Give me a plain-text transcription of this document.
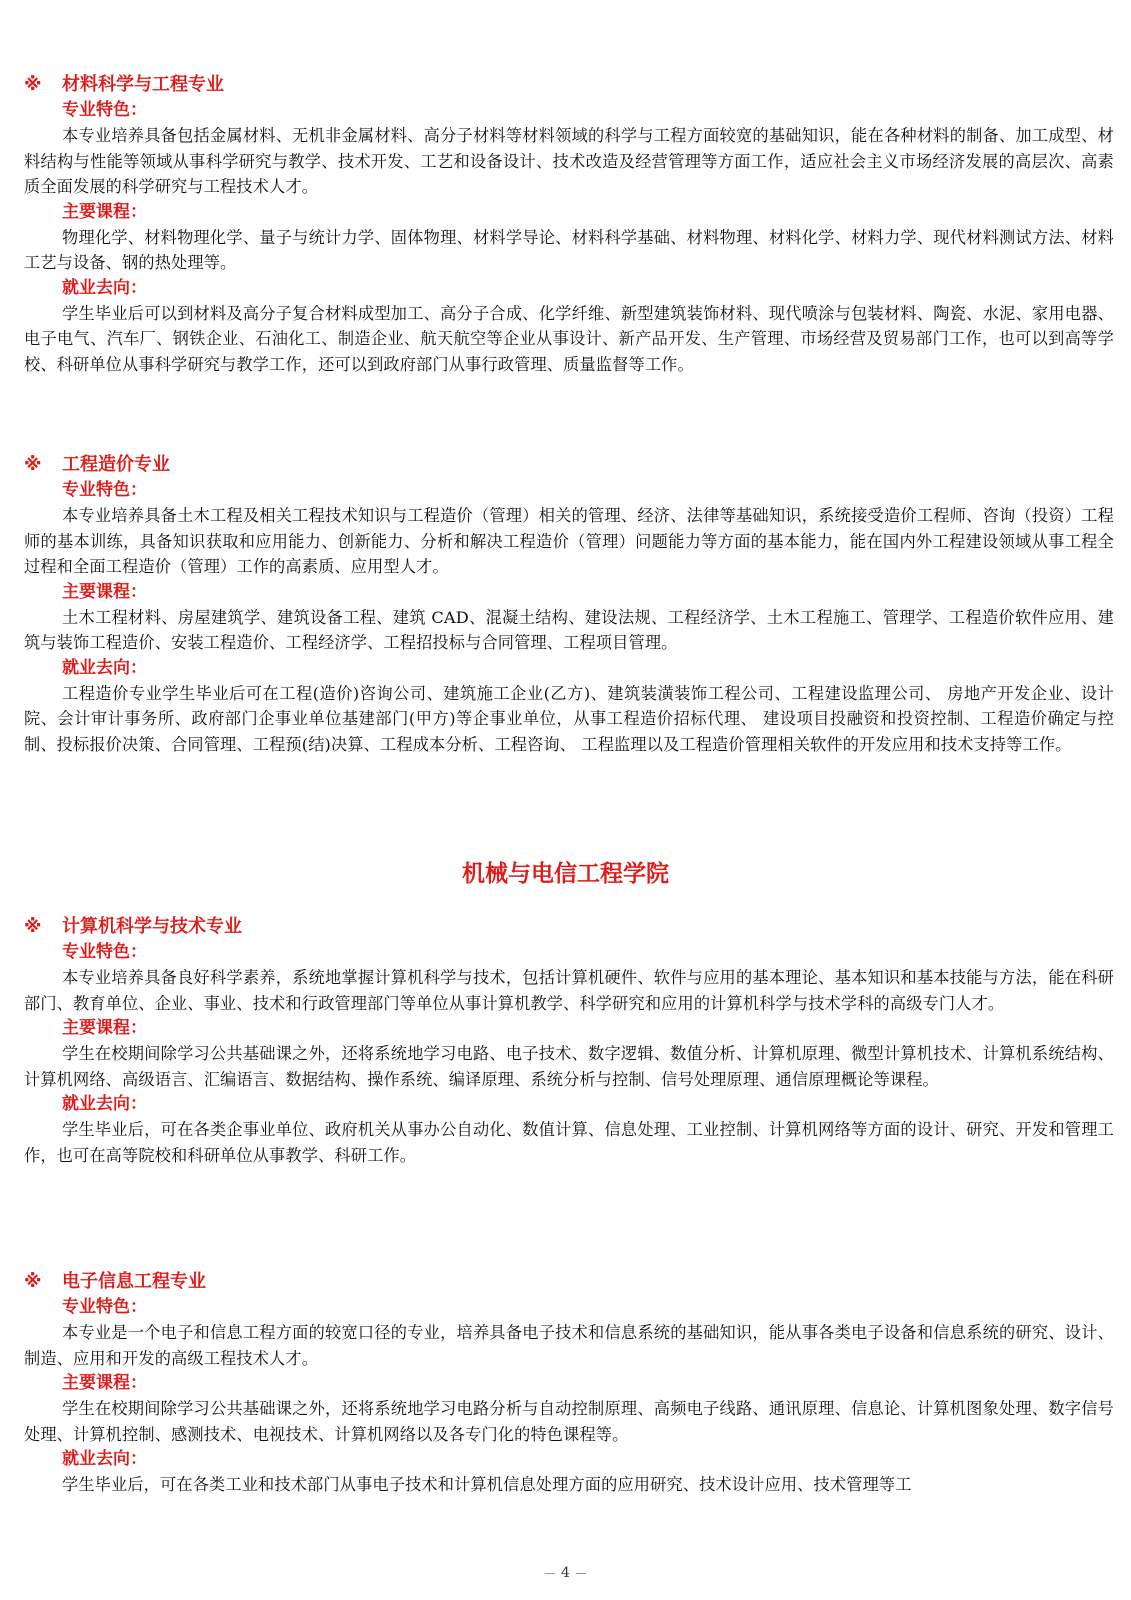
※ 材料科学与工程专业
专业特色：
本专业培养具备包括金属材料、无机非金属材料、高分子材料等材料领域的科学与工程方面较宽的基础知识，能在各种材料的制备、加工成型、材料结构与性能等领域从事科学研究与教学、技术开发、工艺和设备设计、技术改造及经营管理等方面工作，适应社会主义市场经济发展的高层次、高素质全面发展的科学研究与工程技术人才。
主要课程：
物理化学、材料物理化学、量子与统计力学、固体物理、材料学导论、材料科学基础、材料物理、材料化学、材料力学、现代材料测试方法、材料工艺与设备、钢的热处理等。
就业去向：
学生毕业后可以到材料及高分子复合材料成型加工、高分子合成、化学纤维、新型建筑装饰材料、现代喷涂与包装材料、陶瓷、水泥、家用电器、电子电气、汽车厂、钢铁企业、石油化工、制造企业、航天航空等企业从事设计、新产品开发、生产管理、市场经营及贸易部门工作，也可以到高等学校、科研单位从事科学研究与教学工作，还可以到政府部门从事行政管理、质量监督等工作。
※ 工程造价专业
专业特色：
本专业培养具备土木工程及相关工程技术知识与工程造价（管理）相关的管理、经济、法律等基础知识，系统接受造价工程师、咨询（投资）工程师的基本训练，具备知识获取和应用能力、创新能力、分析和解决工程造价（管理）问题能力等方面的基本能力，能在国内外工程建设领域从事工程全过程和全面工程造价（管理）工作的高素质、应用型人才。
主要课程：
土木工程材料、房屋建筑学、建筑设备工程、建筑 CAD、混凝土结构、建设法规、工程经济学、土木工程施工、管理学、工程造价软件应用、建筑与装饰工程造价、安装工程造价、工程经济学、工程招投标与合同管理、工程项目管理。
就业去向：
工程造价专业学生毕业后可在工程(造价)咨询公司、建筑施工企业(乙方)、建筑装潢装饰工程公司、工程建设监理公司、 房地产开发企业、设计院、会计审计事务所、政府部门企事业单位基建部门(甲方)等企事业单位，从事工程造价招标代理、 建设项目投融资和投资控制、工程造价确定与控制、投标报价决策、合同管理、工程预(结)决算、工程成本分析、工程咨询、 工程监理以及工程造价管理相关软件的开发应用和技术支持等工作。
机械与电信工程学院
※ 计算机科学与技术专业
专业特色：
本专业培养具备良好科学素养，系统地掌握计算机科学与技术，包括计算机硬件、软件与应用的基本理论、基本知识和基本技能与方法，能在科研部门、教育单位、企业、事业、技术和行政管理部门等单位从事计算机教学、科学研究和应用的计算机科学与技术学科的高级专门人才。
主要课程：
学生在校期间除学习公共基础课之外，还将系统地学习电路、电子技术、数字逻辑、数值分析、计算机原理、微型计算机技术、计算机系统结构、计算机网络、高级语言、汇编语言、数据结构、操作系统、编译原理、系统分析与控制、信号处理原理、通信原理概论等课程。
就业去向：
学生毕业后，可在各类企事业单位、政府机关从事办公自动化、数值计算、信息处理、工业控制、计算机网络等方面的设计、研究、开发和管理工作，也可在高等院校和科研单位从事教学、科研工作。
※ 电子信息工程专业
专业特色：
本专业是一个电子和信息工程方面的较宽口径的专业，培养具备电子技术和信息系统的基础知识，能从事各类电子设备和信息系统的研究、设计、制造、应用和开发的高级工程技术人才。
主要课程：
学生在校期间除学习公共基础课之外，还将系统地学习电路分析与自动控制原理、高频电子线路、通讯原理、信息论、计算机图象处理、数字信号处理、计算机控制、感测技术、电视技术、计算机网络以及各专门化的特色课程等。
就业去向：
学生毕业后，可在各类工业和技术部门从事电子技术和计算机信息处理方面的应用研究、技术设计应用、技术管理等工
4
